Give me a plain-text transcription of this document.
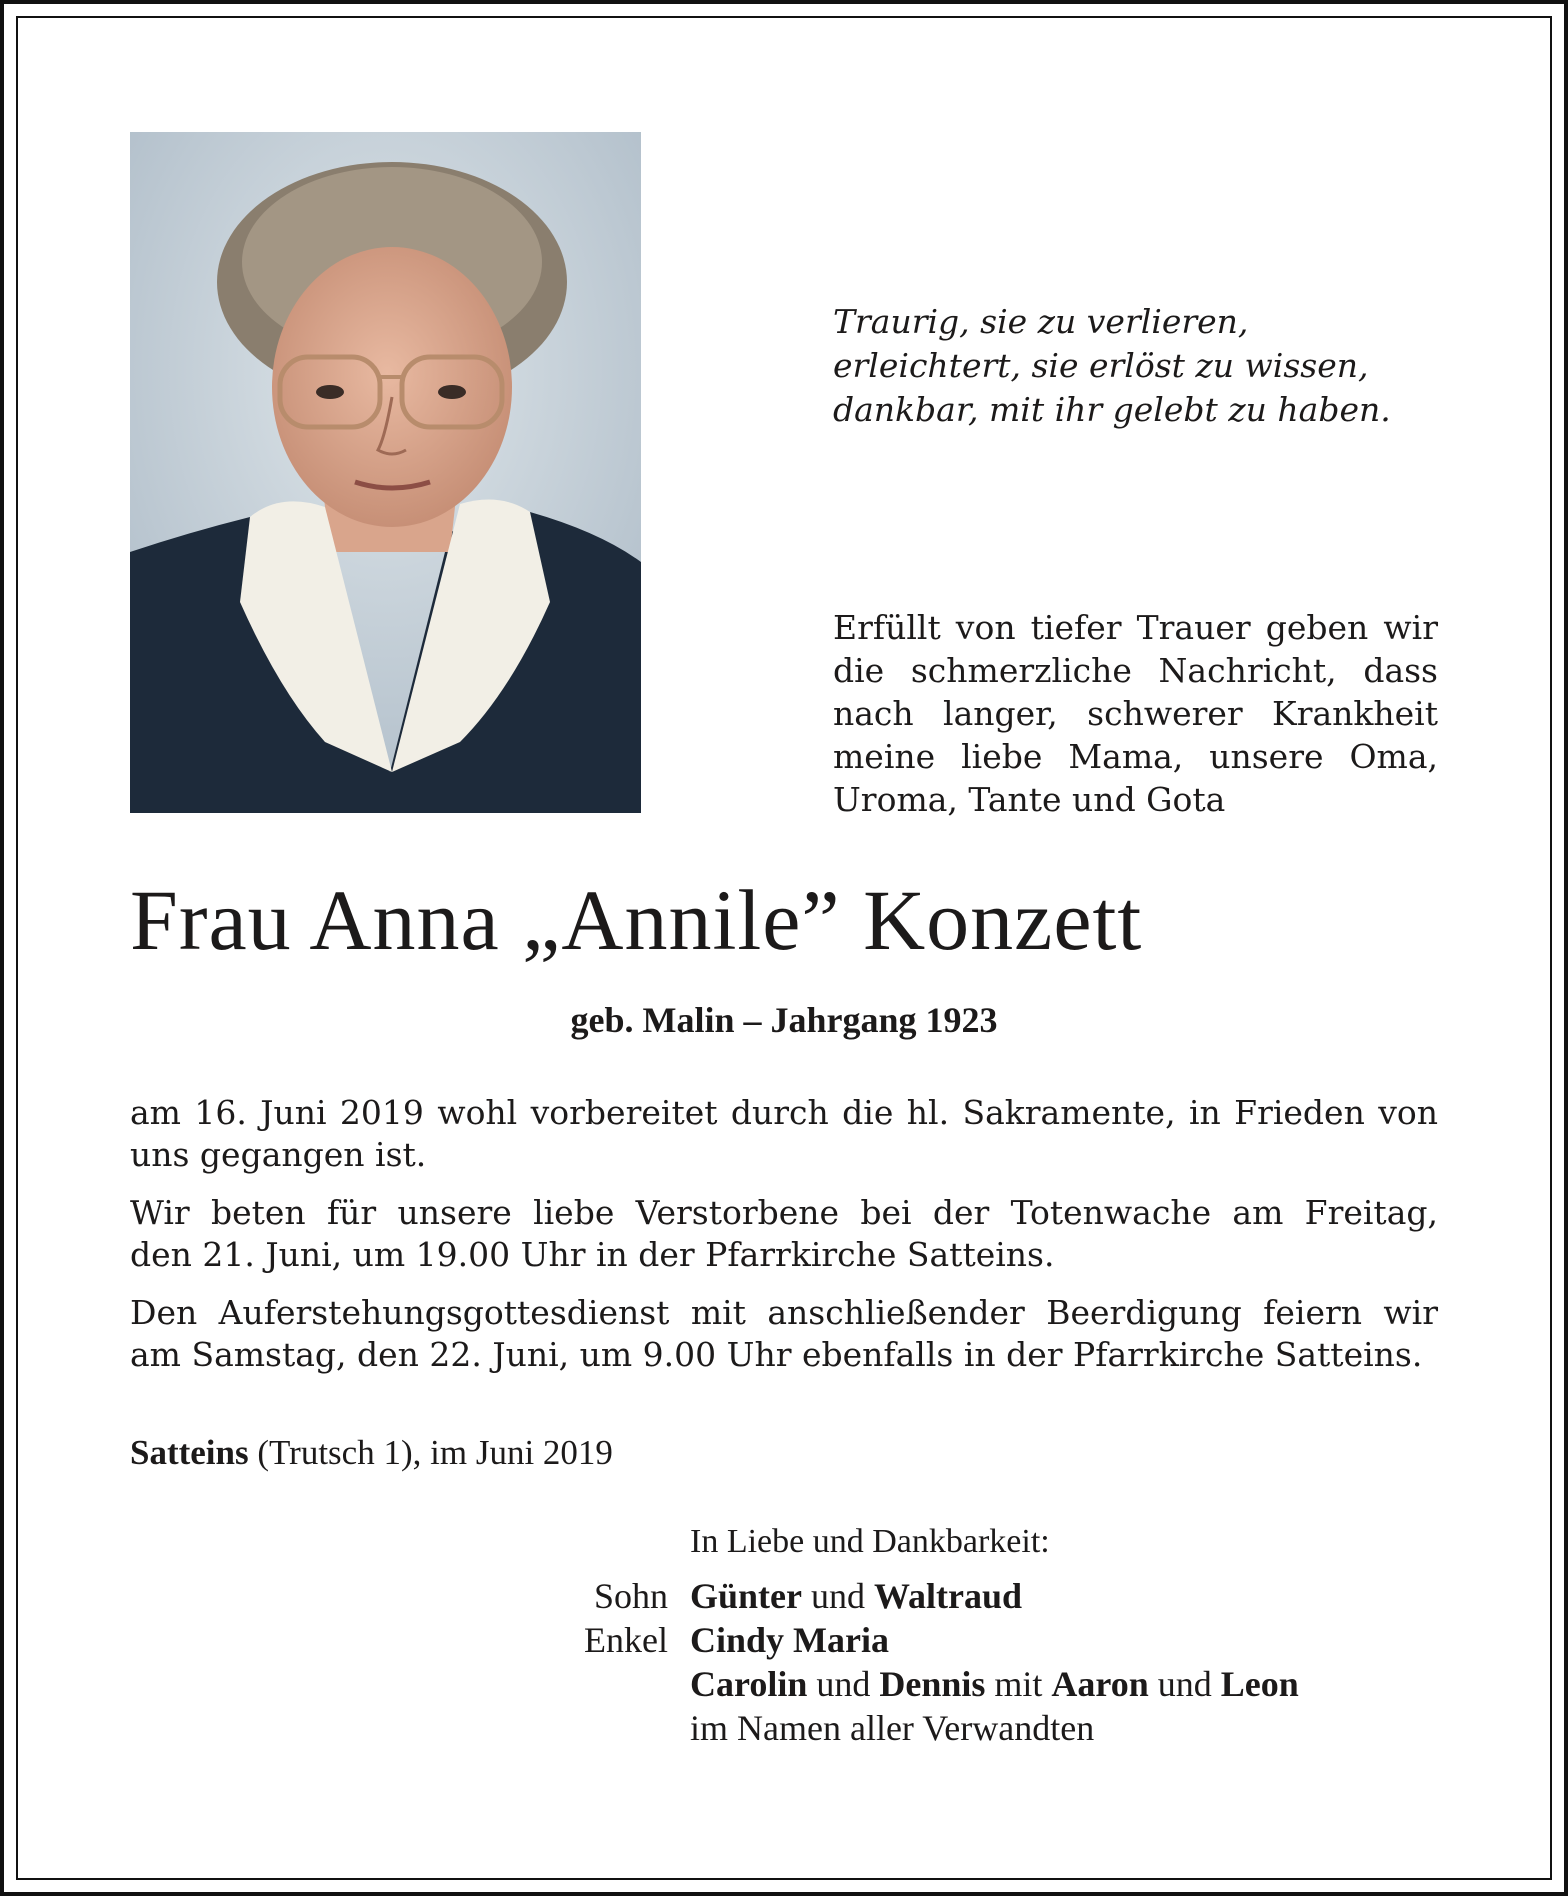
Traurig, sie zu verlieren,
erleichtert, sie erlöst zu wissen,
dankbar, mit ihr gelebt zu haben.
Erfüllt von tiefer Trauer geben wir
die schmerzliche Nachricht, dass
nach langer, schwerer Krankheit
meine liebe Mama, unsere Oma,
Uroma, Tante und Gota
Frau Anna „Annile” Konzett
geb. Malin – Jahrgang 1923
am 16. Juni 2019 wohl vorbereitet durch die hl. Sakramente, in Frieden von
uns gegangen ist.
Wir beten für unsere liebe Verstorbene bei der Totenwache am Freitag,
den 21. Juni, um 19.00 Uhr in der Pfarrkirche Satteins.
Den Auferstehungsgottesdienst mit anschließender Beerdigung feiern wir
am Samstag, den 22. Juni, um 9.00 Uhr ebenfalls in der Pfarrkirche Satteins.
Satteins (Trutsch 1), im Juni 2019
In Liebe und Dankbarkeit:
Sohn Günter und Waltraud
Enkel Cindy Maria
Carolin und Dennis mit Aaron und Leon
im Namen aller Verwandten
